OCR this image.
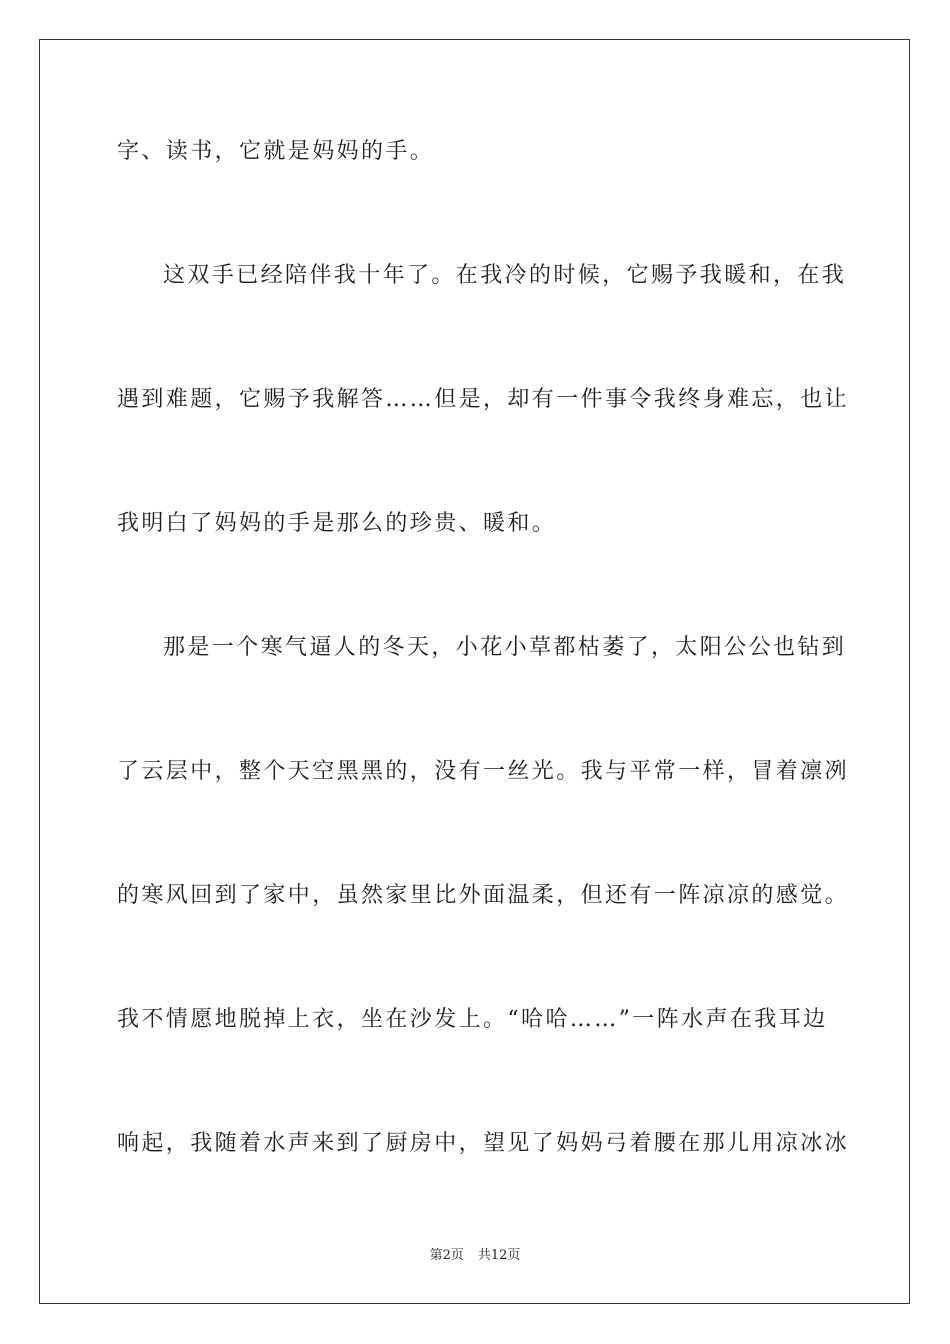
字、读书，它就是妈妈的手。
这双手已经陪伴我十年了。在我冷的时候，它赐予我暖和，在我
遇到难题，它赐予我解答……但是，却有一件事令我终身难忘，也让
我明白了妈妈的手是那么的珍贵、暖和。
那是一个寒气逼人的冬天，小花小草都枯萎了，太阳公公也钻到
了云层中，整个天空黑黑的，没有一丝光。我与平常一样，冒着凛冽
的寒风回到了家中，虽然家里比外面温柔，但还有一阵凉凉的感觉。
我不情愿地脱掉上衣，坐在沙发上。“哈哈……”一阵水声在我耳边
响起，我随着水声来到了厨房中，望见了妈妈弓着腰在那儿用凉冰冰
第2页 共12页
